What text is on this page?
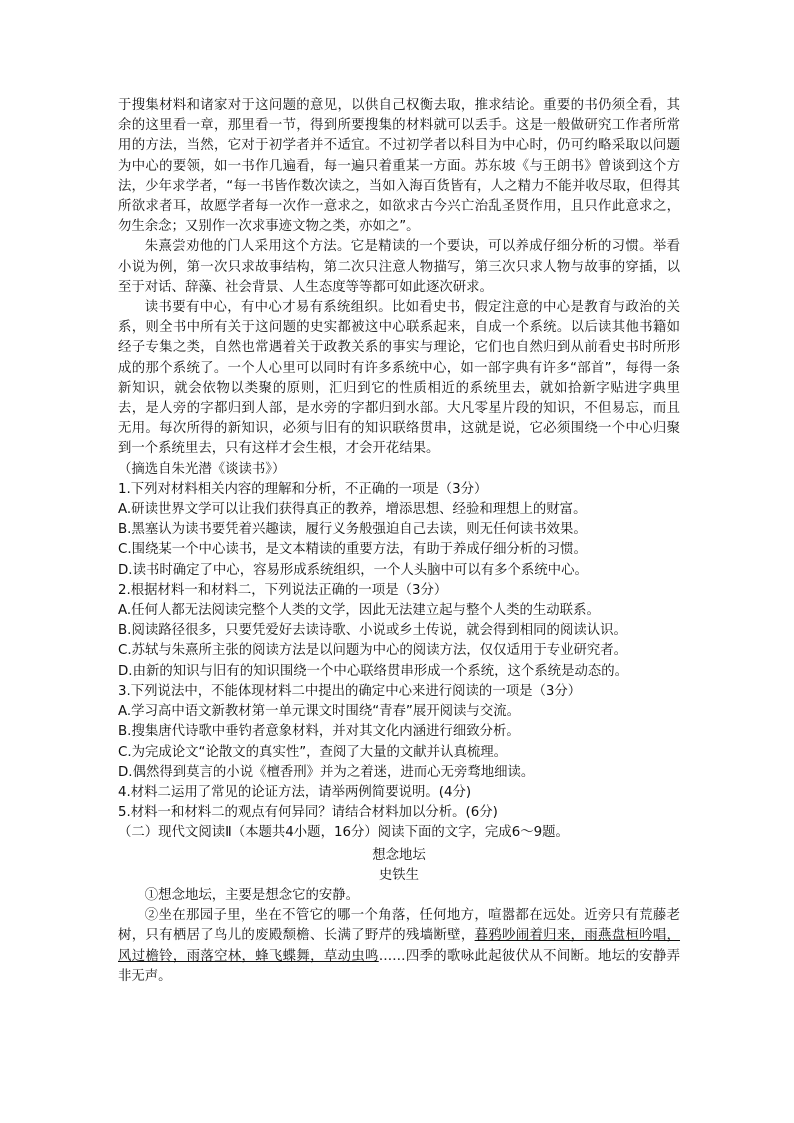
于搜集材料和诸家对于这问题的意见，以供自己权衡去取，推求结论。重要的书仍须全看，其余的这里看一章，那里看一节，得到所要搜集的材料就可以丢手。这是一般做研究工作者所常用的方法，当然，它对于初学者并不适宜。不过初学者以科目为中心时，仍可约略采取以问题为中心的要领，如一书作几遍看，每一遍只着重某一方面。苏东坡《与王朗书》曾谈到这个方法，少年求学者，“每一书皆作数次读之，当如入海百货皆有，人之精力不能并收尽取，但得其所欲求者耳，故愿学者每一次作一意求之，如欲求古今兴亡治乱圣贤作用，且只作此意求之，勿生余念；又别作一次求事迹文物之类，亦如之”。

朱熹尝劝他的门人采用这个方法。它是精读的一个要诀，可以养成仔细分析的习惯。举看小说为例，第一次只求故事结构，第二次只注意人物描写，第三次只求人物与故事的穿插，以至于对话、辞藻、社会背景、人生态度等等都可如此逐次研求。

读书要有中心，有中心才易有系统组织。比如看史书，假定注意的中心是教育与政治的关系，则全书中所有关于这问题的史实都被这中心联系起来，自成一个系统。以后读其他书籍如经子专集之类，自然也常遇着关于政教关系的事实与理论，它们也自然归到从前看史书时所形成的那个系统了。一个人心里可以同时有许多系统中心，如一部字典有许多“部首”，每得一条新知识，就会依物以类聚的原则，汇归到它的性质相近的系统里去，就如拾新字贴进字典里去，是人旁的字都归到人部，是水旁的字都归到水部。大凡零星片段的知识，不但易忘，而且无用。每次所得的新知识，必须与旧有的知识联络贯串，这就是说，它必须围绕一个中心归聚到一个系统里去，只有这样才会生根，才会开花结果。

（摘选自朱光潜《谈读书》）

1.下列对材料相关内容的理解和分析，不正确的一项是（3分）

A.研读世界文学可以让我们获得真正的教养，增添思想、经验和理想上的财富。

B.黑塞认为读书要凭着兴趣读，履行义务般强迫自己去读，则无任何读书效果。

C.围绕某一个中心读书，是文本精读的重要方法，有助于养成仔细分析的习惯。

D.读书时确定了中心，容易形成系统组织，一个人头脑中可以有多个系统中心。

2.根据材料一和材料二，下列说法正确的一项是（3分）

A.任何人都无法阅读完整个人类的文学，因此无法建立起与整个人类的生动联系。

B.阅读路径很多，只要凭爱好去读诗歌、小说或乡土传说，就会得到相同的阅读认识。

C.苏轼与朱熹所主张的阅读方法是以问题为中心的阅读方法，仅仅适用于专业研究者。

D.由新的知识与旧有的知识围绕一个中心联络贯串形成一个系统，这个系统是动态的。

3.下列说法中，不能体现材料二中提出的确定中心来进行阅读的一项是（3分）

A.学习高中语文新教材第一单元课文时围绕“青春”展开阅读与交流。

B.搜集唐代诗歌中垂钓者意象材料，并对其文化内涵进行细致分析。

C.为完成论文“论散文的真实性”，查阅了大量的文献并认真梳理。

D.偶然得到莫言的小说《檀香刑》并为之着迷，进而心无旁骛地细读。

4.材料二运用了常见的论证方法，请举两例简要说明。(4分)

5.材料一和材料二的观点有何异同？请结合材料加以分析。(6分)

（二）现代文阅读Ⅱ（本题共4小题，16分）阅读下面的文字，完成6～9题。

想念地坛

史铁生

①想念地坛，主要是想念它的安静。

②坐在那园子里，坐在不管它的哪一个角落，任何地方，喧嚣都在远处。近旁只有荒藤老树，只有栖居了鸟儿的废殿颓檐、长满了野芹的残墙断壁，暮鸦吵闹着归来，雨燕盘桓吟唱，风过檐铃，雨落空林，蜂飞蝶舞，草动虫鸣……四季的歌咏此起彼伏从不间断。地坛的安静弄非无声。
